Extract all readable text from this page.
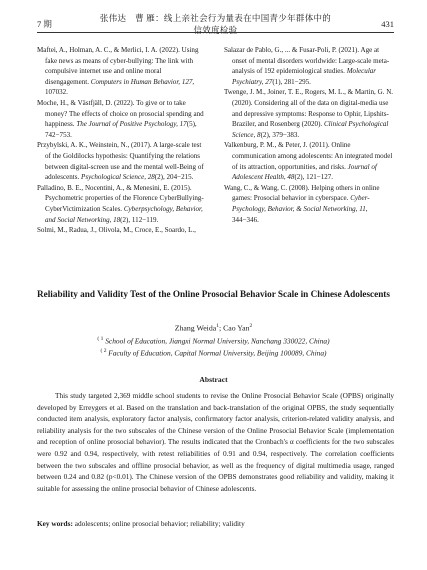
7 期
张伟达　曹 雁：线上亲社会行为量表在中国青少年群体中的信效度检验
431

Maftei, A., Holman, A. C., & Merlici, I. A. (2022). Using fake news as means of cyber-bullying: The link with compulsive internet use and online moral disengagement. Computers in Human Behavior, 127, 107032.

Moche, H., & Västfjäll, D. (2022). To give or to take money? The effects of choice on prosocial spending and happiness. The Journal of Positive Psychology, 17(5), 742−753.

Przybylski, A. K., Weinstein, N., (2017). A large-scale test of the Goldilocks hypothesis: Quantifying the relations between digital-screen use and the mental well-Being of adolescents. Psychological Science, 28(2), 204−215.

Palladino, B. E., Nocentini, A., & Menesini, E. (2015). Psychometric properties of the Florence CyberBullying-CyberVictimization Scales. Cyberpsychology, Behavior, and Social Networking, 18(2), 112−119.

Solmi, M., Radua, J., Olivola, M., Croce, E., Soardo, L.,

Salazar de Pablo, G., ... & Fusar-Poli, P. (2021). Age at onset of mental disorders worldwide: Large-scale meta-analysis of 192 epidemiological studies. Molecular Psychiatry, 27(1), 281−295.

Twenge, J. M., Joiner, T. E., Rogers, M. L., & Martin, G. N. (2020). Considering all of the data on digital-media use and depressive symptoms: Response to Ophir, Lipshits-Braziler, and Rosenberg (2020). Clinical Psychological Science, 8(2), 379−383.

Valkenburg, P. M., & Peter, J. (2011). Online communication among adolescents: An integrated model of its attraction, opportunities, and risks. Journal of Adolescent Health, 48(2), 121−127.

Wang, C., & Wang, C. (2008). Helping others in online games: Prosocial behavior in cyberspace. Cyber-Psychology, Behavior, & Social Networking, 11, 344−346.

Reliability and Validity Test of the Online Prosocial Behavior Scale in Chinese Adolescents
Zhang Weida$^1$; Cao Yan$^2$
$^{( 1}$ School of Education, Jiangxi Normal University, Nanchang 330022, China)
$^{( 2}$ Faculty of Education, Capital Normal University, Beijing 100089, China)
Abstract

This study targeted 2,369 middle school students to revise the Online Prosocial Behavior Scale (OPBS) originally developed by Erreygers et al. Based on the translation and back-translation of the original OPBS, the study sequentially conducted item analysis, exploratory factor analysis, confirmatory factor analysis, criterion-related validity analysis, and reliability analysis for the two subscales of the Chinese version of the Online Prosocial Behavior Scale (implementation and reception of online prosocial behavior). The results indicated that the Cronbach's α coefficients for the two subscales were 0.92 and 0.94, respectively, with retest reliabilities of 0.91 and 0.94, respectively. The correlation coefficients between the two subscales and offline prosocial behavior, as well as the frequency of digital multimedia usage, ranged between 0.24 and 0.82 (p<0.01). The Chinese version of the OPBS demonstrates good reliability and validity, making it suitable for assessing the online prosocial behavior of Chinese adolescents.

Key words: adolescents; online prosocial behavior; reliability; validity
